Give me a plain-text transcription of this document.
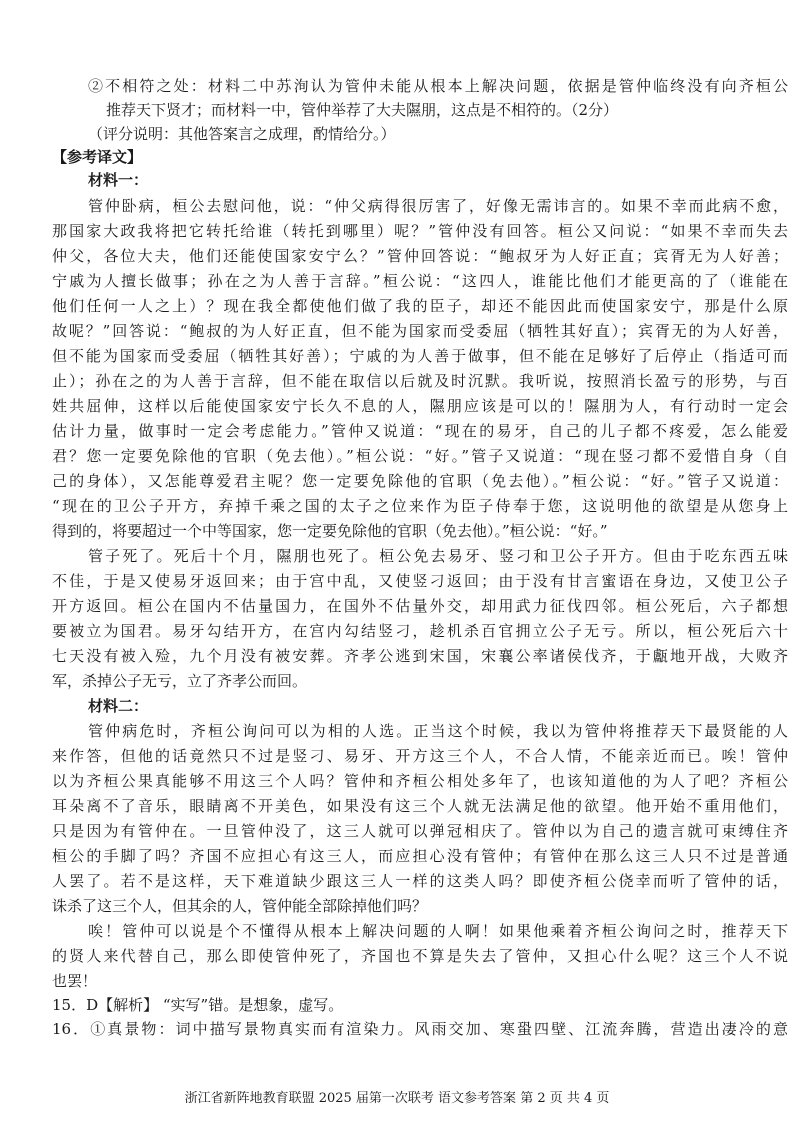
②不相符之处：材料二中苏洵认为管仲未能从根本上解决问题，依据是管仲临终没有向齐桓公
推荐天下贤才；而材料一中，管仲举荐了大夫隰朋，这点是不相符的。（2分）
（评分说明：其他答案言之成理，酌情给分。）
【参考译文】
材料一：
管仲卧病，桓公去慰问他，说：“仲父病得很厉害了，好像无需讳言的。如果不幸而此病不愈，
那国家大政我将把它转托给谁（转托到哪里）呢？”管仲没有回答。桓公又问说：“如果不幸而失去
仲父，各位大夫，他们还能使国家安宁么？”管仲回答说：“鲍叔牙为人好正直；宾胥无为人好善；
宁戚为人擅长做事；孙在之为人善于言辞。”桓公说：“这四人，谁能比他们才能更高的了（谁能在
他们任何一人之上）？现在我全都使他们做了我的臣子，却还不能因此而使国家安宁，那是什么原
故呢？”回答说：“鲍叔的为人好正直，但不能为国家而受委屈（牺牲其好直）；宾胥无的为人好善，
但不能为国家而受委屈（牺牲其好善）；宁戚的为人善于做事，但不能在足够好了后停止（指适可而
止）；孙在之的为人善于言辞，但不能在取信以后就及时沉默。我听说，按照消长盈亏的形势，与百
姓共屈伸，这样以后能使国家安宁长久不息的人，隰朋应该是可以的！隰朋为人，有行动时一定会
估计力量，做事时一定会考虑能力。”管仲又说道：“现在的易牙，自己的儿子都不疼爱，怎么能爱
君？您一定要免除他的官职（免去他）。”桓公说：“好。”管子又说道：“现在竖刁都不爱惜自身（自
己的身体），又怎能尊爱君主呢？您一定要免除他的官职（免去他）。”桓公说：“好。”管子又说道：
“现在的卫公子开方，弃掉千乘之国的太子之位来作为臣子侍奉于您，这说明他的欲望是从您身上
得到的，将要超过一个中等国家，您一定要免除他的官职（免去他）。”桓公说：“好。”
管子死了。死后十个月，隰朋也死了。桓公免去易牙、竖刁和卫公子开方。但由于吃东西五味
不佳，于是又使易牙返回来；由于宫中乱，又使竖刁返回；由于没有甘言蜜语在身边，又使卫公子
开方返回。桓公在国内不估量国力，在国外不估量外交，却用武力征伐四邻。桓公死后，六子都想
要被立为国君。易牙勾结开方，在宫内勾结竖刁，趁机杀百官拥立公子无亏。所以，桓公死后六十
七天没有被入殓，九个月没有被安葬。齐孝公逃到宋国，宋襄公率诸侯伐齐，于甗地开战，大败齐
军，杀掉公子无亏，立了齐孝公而回。
材料二：
管仲病危时，齐桓公询问可以为相的人选。正当这个时候，我以为管仲将推荐天下最贤能的人
来作答，但他的话竟然只不过是竖刁、易牙、开方这三个人，不合人情，不能亲近而已。唉！管仲
以为齐桓公果真能够不用这三个人吗？管仲和齐桓公相处多年了，也该知道他的为人了吧？齐桓公
耳朵离不了音乐，眼睛离不开美色，如果没有这三个人就无法满足他的欲望。他开始不重用他们，
只是因为有管仲在。一旦管仲没了，这三人就可以弹冠相庆了。管仲以为自己的遗言就可束缚住齐
桓公的手脚了吗？齐国不应担心有这三人，而应担心没有管仲；有管仲在那么这三人只不过是普通
人罢了。若不是这样，天下难道缺少跟这三人一样的这类人吗？即使齐桓公侥幸而听了管仲的话，
诛杀了这三个人，但其余的人，管仲能全部除掉他们吗？
唉！管仲可以说是个不懂得从根本上解决问题的人啊！如果他乘着齐桓公询问之时，推荐天下
的贤人来代替自己，那么即使管仲死了，齐国也不算是失去了管仲，又担心什么呢？这三个人不说
也罢！
15．D【解析】 “实写”错。是想象，虚写。
16．①真景物：词中描写景物真实而有渲染力。风雨交加、寒蛩四壁、江流奔腾，营造出凄冷的意
浙江省新阵地教育联盟 2025 届第一次联考 语文参考答案 第 2 页 共 4 页
